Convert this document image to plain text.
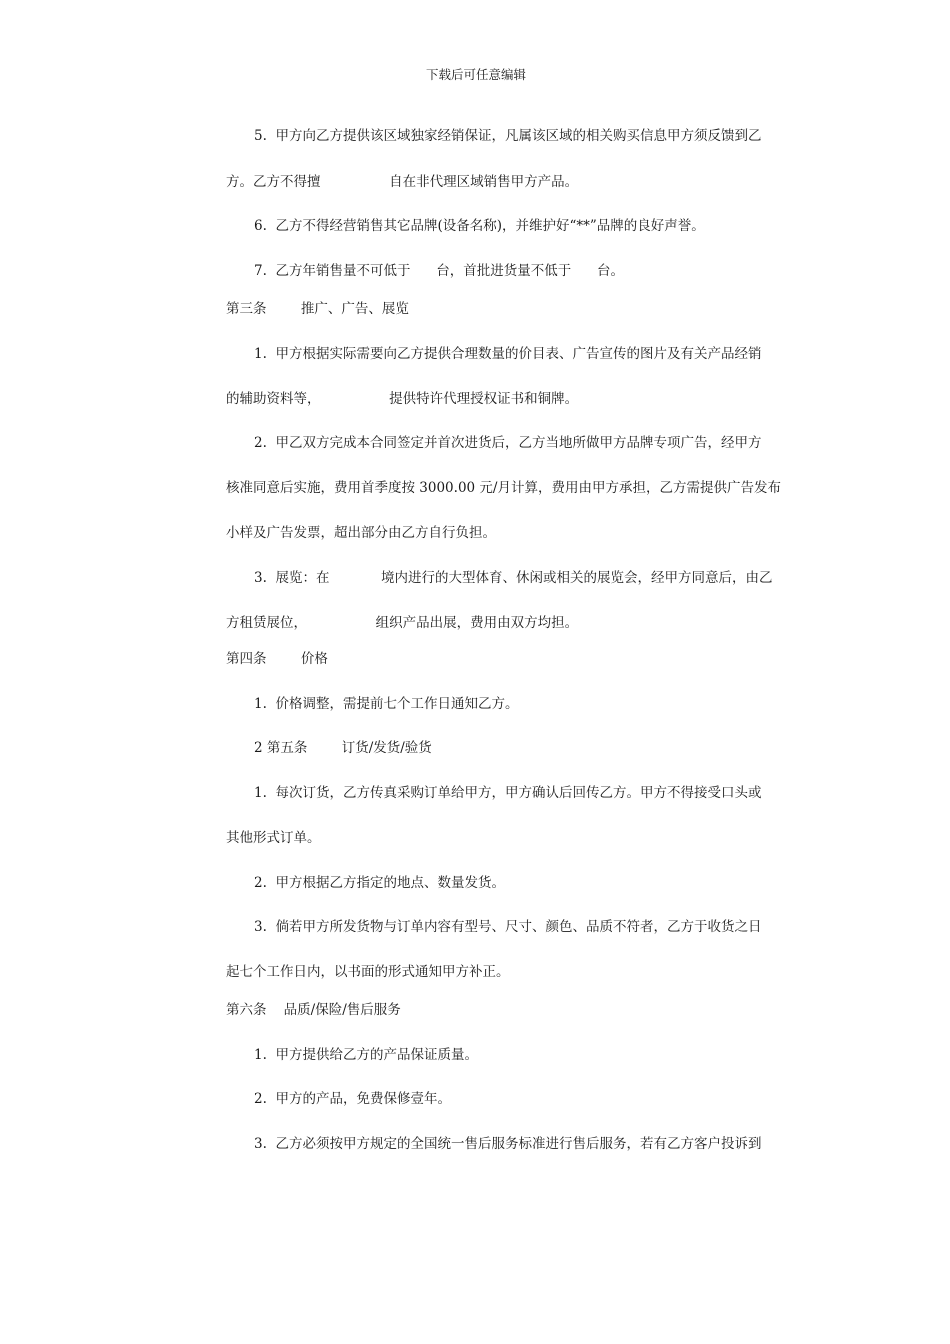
下载后可任意编辑
5.  甲方向乙方提供该区域独家经销保证，凡属该区域的相关购买信息甲方须反馈到乙
方。乙方不得擅                自在非代理区域销售甲方产品。
6.  乙方不得经营销售其它品牌(设备名称)，并维护好“**”品牌的良好声誉。
7.  乙方年销售量不可低于      台，首批进货量不低于      台。
第三条        推广、广告、展览
1.  甲方根据实际需要向乙方提供合理数量的价目表、广告宣传的图片及有关产品经销
的辅助资料等，                提供特许代理授权证书和铜牌。
2.  甲乙双方完成本合同签定并首次进货后，乙方当地所做甲方品牌专项广告，经甲方
核准同意后实施，费用首季度按 3000.00 元/月计算，费用由甲方承担，乙方需提供广告发布
小样及广告发票，超出部分由乙方自行负担。
3.  展览：在            境内进行的大型体育、休闲或相关的展览会，经甲方同意后，由乙
方租赁展位，                组织产品出展，费用由双方均担。
第四条        价格
1.  价格调整，需提前七个工作日通知乙方。
2 第五条        订货/发货/验货
1.  每次订货，乙方传真采购订单给甲方，甲方确认后回传乙方。甲方不得接受口头或
其他形式订单。
2.  甲方根据乙方指定的地点、数量发货。
3.  倘若甲方所发货物与订单内容有型号、尺寸、颜色、品质不符者，乙方于收货之日
起七个工作日内，以书面的形式通知甲方补正。
第六条    品质/保险/售后服务
1.  甲方提供给乙方的产品保证质量。
2.  甲方的产品，免费保修壹年。
3.  乙方必须按甲方规定的全国统一售后服务标准进行售后服务，若有乙方客户投诉到
